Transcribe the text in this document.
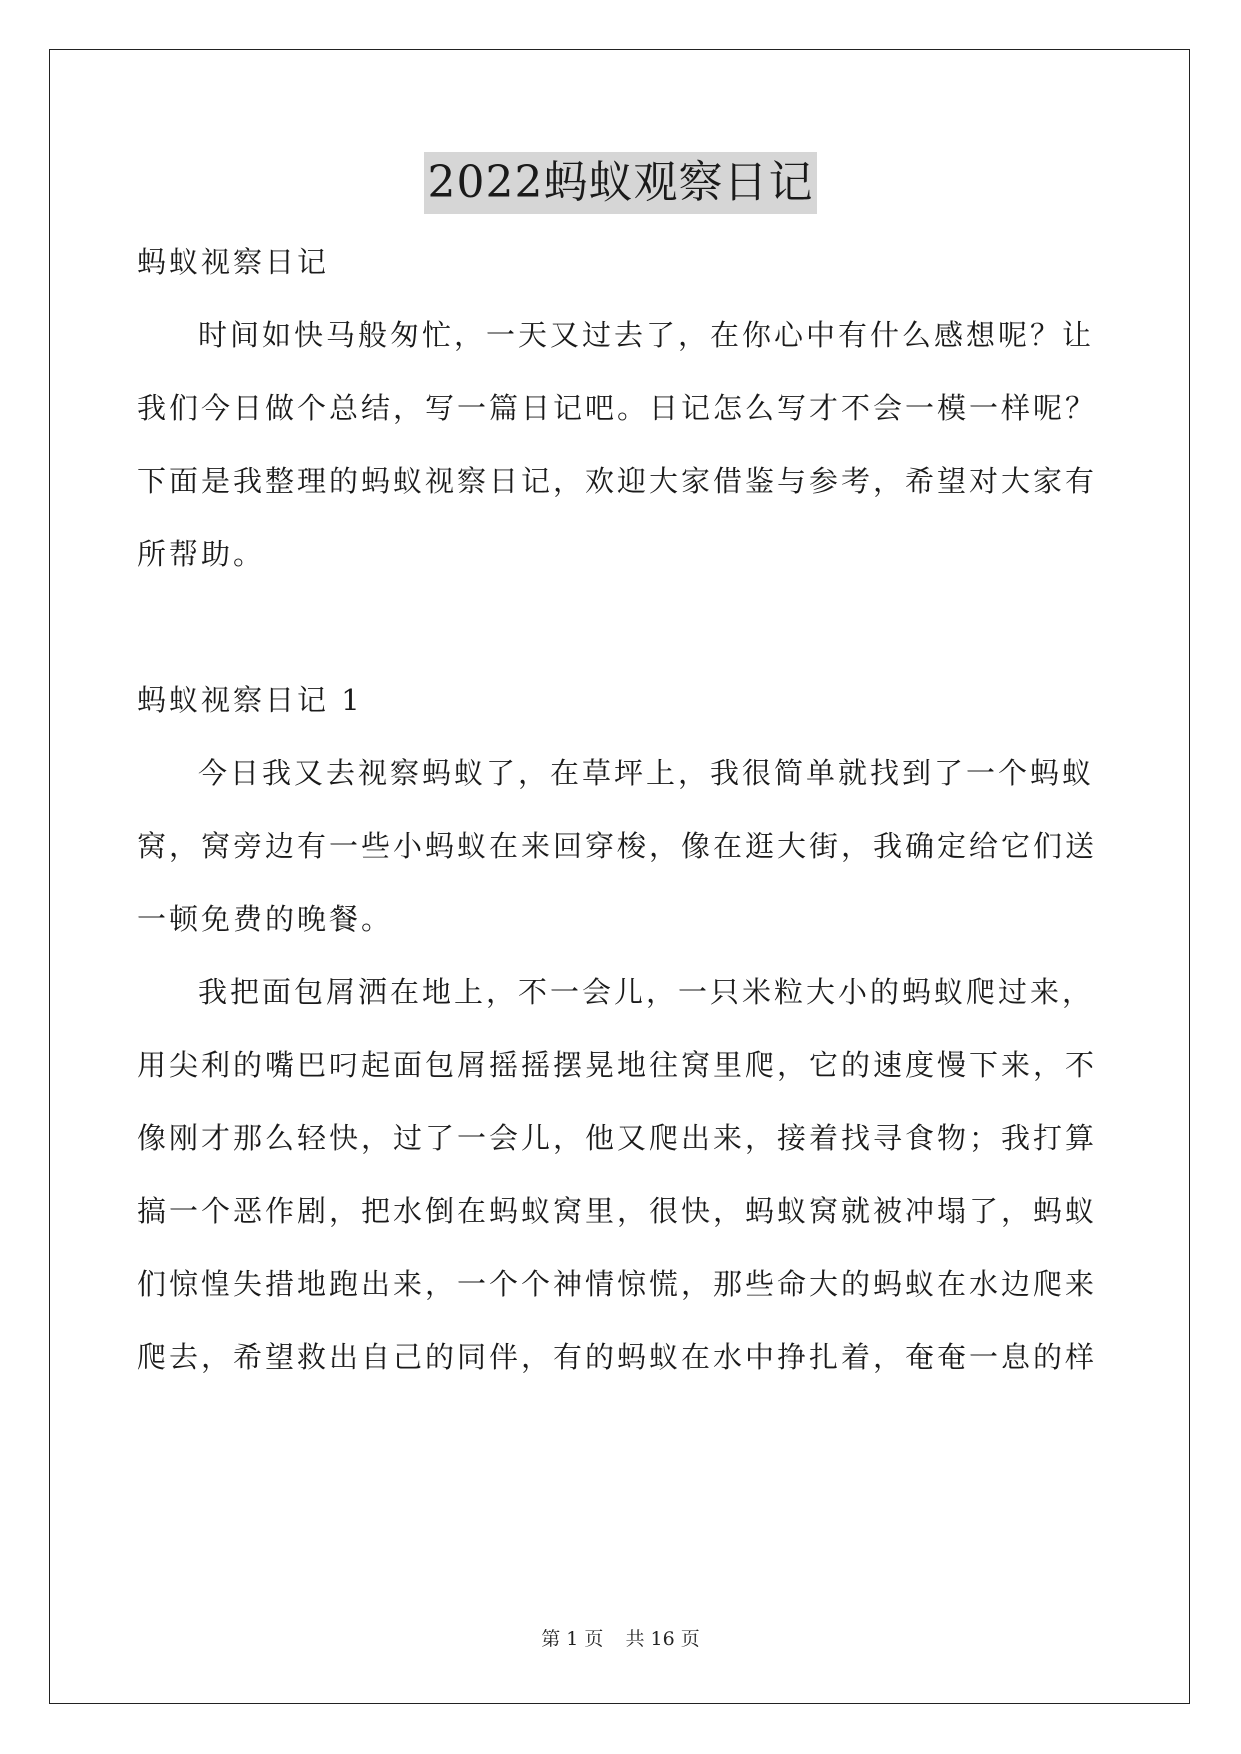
2022蚂蚁观察日记
蚂蚁视察日记
时间如快马般匆忙，一天又过去了，在你心中有什么感想呢？让
我们今日做个总结，写一篇日记吧。日记怎么写才不会一模一样呢？
下面是我整理的蚂蚁视察日记，欢迎大家借鉴与参考，希望对大家有
所帮助。
蚂蚁视察日记 1
今日我又去视察蚂蚁了，在草坪上，我很简单就找到了一个蚂蚁
窝，窝旁边有一些小蚂蚁在来回穿梭，像在逛大街，我确定给它们送
一顿免费的晚餐。
我把面包屑洒在地上，不一会儿，一只米粒大小的蚂蚁爬过来，
用尖利的嘴巴叼起面包屑摇摇摆晃地往窝里爬，它的速度慢下来，不
像刚才那么轻快，过了一会儿，他又爬出来，接着找寻食物；我打算
搞一个恶作剧，把水倒在蚂蚁窝里，很快，蚂蚁窝就被冲塌了，蚂蚁
们惊惶失措地跑出来，一个个神情惊慌，那些命大的蚂蚁在水边爬来
爬去，希望救出自己的同伴，有的蚂蚁在水中挣扎着，奄奄一息的样
第 1 页 共 16 页
